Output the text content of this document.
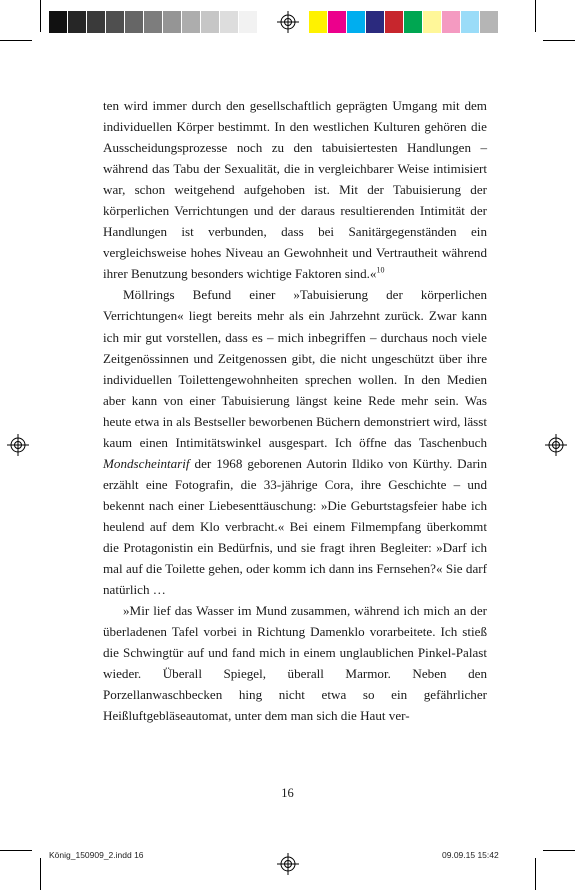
ten wird immer durch den gesellschaftlich geprägten Umgang mit dem individuellen Körper bestimmt. In den westlichen Kulturen gehören die Ausscheidungsprozesse noch zu den tabuisiertesten Handlungen – während das Tabu der Sexualität, die in vergleichbarer Weise intimisiert war, schon weitgehend aufgehoben ist. Mit der Tabuisierung der körperlichen Verrichtungen und der daraus resultierenden Intimität der Handlungen ist verbunden, dass bei Sanitärgegenständen ein vergleichsweise hohes Niveau an Gewohnheit und Vertrautheit während ihrer Benutzung besonders wichtige Faktoren sind.«$^{10}$

Möllrings Befund einer »Tabuisierung der körperlichen Verrichtungen« liegt bereits mehr als ein Jahrzehnt zurück. Zwar kann ich mir gut vorstellen, dass es – mich inbegriffen – durchaus noch viele Zeitgenössinnen und Zeitgenossen gibt, die nicht ungeschützt über ihre individuellen Toilettengewohnheiten sprechen wollen. In den Medien aber kann von einer Tabuisierung längst keine Rede mehr sein. Was heute etwa in als Bestseller beworbenen Büchern demonstriert wird, lässt kaum einen Intimitätswinkel ausgespart. Ich öffne das Taschenbuch Mondscheintarif der 1968 geborenen Autorin Ildiko von Kürthy. Darin erzählt eine Fotografin, die 33-jährige Cora, ihre Geschichte – und bekennt nach einer Liebesenttäuschung: »Die Geburtstagsfeier habe ich heulend auf dem Klo verbracht.« Bei einem Filmempfang überkommt die Protagonistin ein Bedürfnis, und sie fragt ihren Begleiter: »Darf ich mal auf die Toilette gehen, oder komm ich dann ins Fernsehen?« Sie darf natürlich …

»Mir lief das Wasser im Mund zusammen, während ich mich an der überladenen Tafel vorbei in Richtung Damenklo vorarbeitete. Ich stieß die Schwingtür auf und fand mich in einem unglaublichen Pinkel-Palast wieder. Überall Spiegel, überall Marmor. Neben den Porzellanwaschbecken hing nicht etwa so ein gefährlicher Heißluftgebläseautomat, unter dem man sich die Haut ver-

16
König_150909_2.indd 16	09.09.15 15:42
